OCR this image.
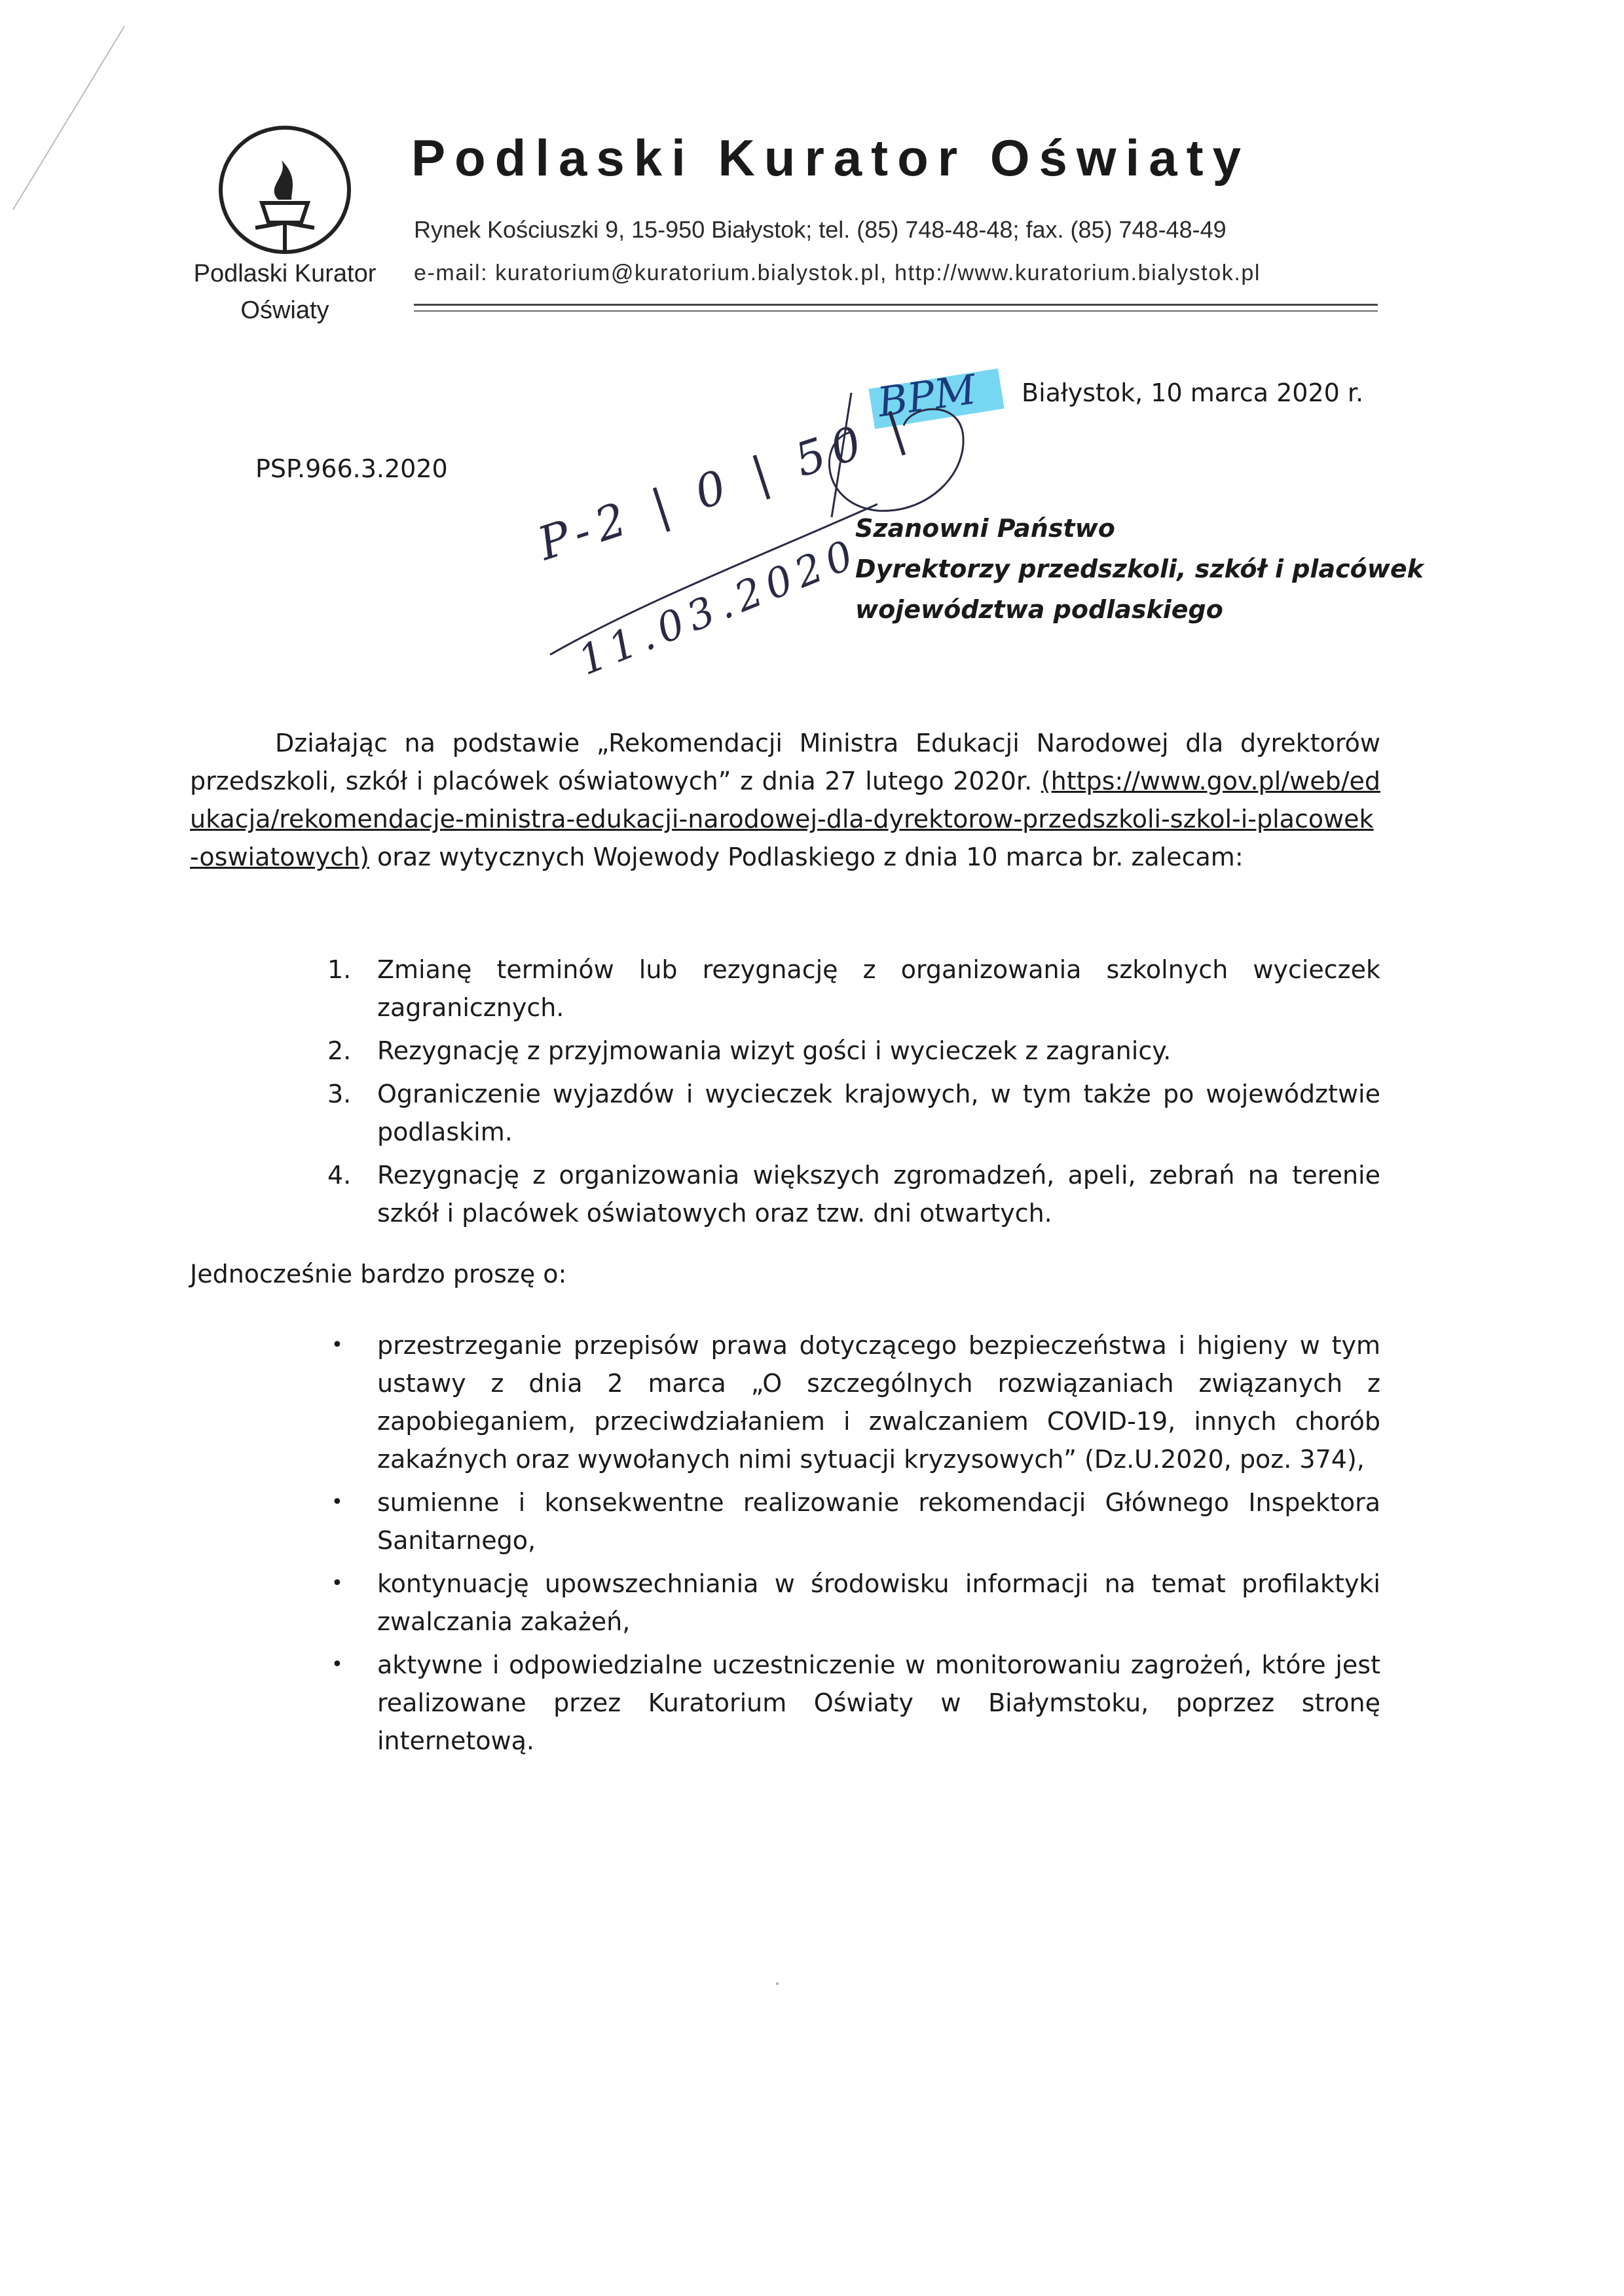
Podlaski Kurator
Oświaty
Podlaski Kurator Oświaty
Rynek Kościuszki 9, 15-950 Białystok; tel. (85) 748-48-48; fax. (85) 748-48-49
e-mail: kuratorium@kuratorium.bialystok.pl, http://www.kuratorium.bialystok.pl
BPM
P-2 | 0 | 50 |
11.03.2020
Białystok, 10 marca 2020 r.
PSP.966.3.2020
Szanowni Państwo
Dyrektorzy przedszkoli, szkół i placówek
województwa podlaskiego
Działając na podstawie „Rekomendacji Ministra Edukacji Narodowej dla dyrektorów przedszkoli, szkół i placówek oświatowych” z dnia 27 lutego 2020r. (https://www.gov.pl/web/edukacja/rekomendacje-ministra-edukacji-narodowej-dla-dyrektorow-przedszkoli-szkol-i-placowek-oswiatowych) oraz wytycznych Wojewody Podlaskiego z dnia 10 marca br. zalecam:
1. Zmianę terminów lub rezygnację z organizowania szkolnych wycieczek zagranicznych.
2. Rezygnację z przyjmowania wizyt gości i wycieczek z zagranicy.
3. Ograniczenie wyjazdów i wycieczek krajowych, w tym także po województwie podlaskim.
4. Rezygnację z organizowania większych zgromadzeń, apeli, zebrań na terenie szkół i placówek oświatowych oraz tzw. dni otwartych.
Jednocześnie bardzo proszę o:
• przestrzeganie przepisów prawa dotyczącego bezpieczeństwa i higieny w tym ustawy z dnia 2 marca „O szczególnych rozwiązaniach związanych z zapobieganiem, przeciwdziałaniem i zwalczaniem COVID-19, innych chorób zakaźnych oraz wywołanych nimi sytuacji kryzysowych” (Dz.U.2020, poz. 374),
• sumienne i konsekwentne realizowanie rekomendacji Głównego Inspektora Sanitarnego,
• kontynuację upowszechniania w środowisku informacji na temat profilaktyki zwalczania zakażeń,
• aktywne i odpowiedzialne uczestniczenie w monitorowaniu zagrożeń, które jest realizowane przez Kuratorium Oświaty w Białymstoku, poprzez stronę internetową.
